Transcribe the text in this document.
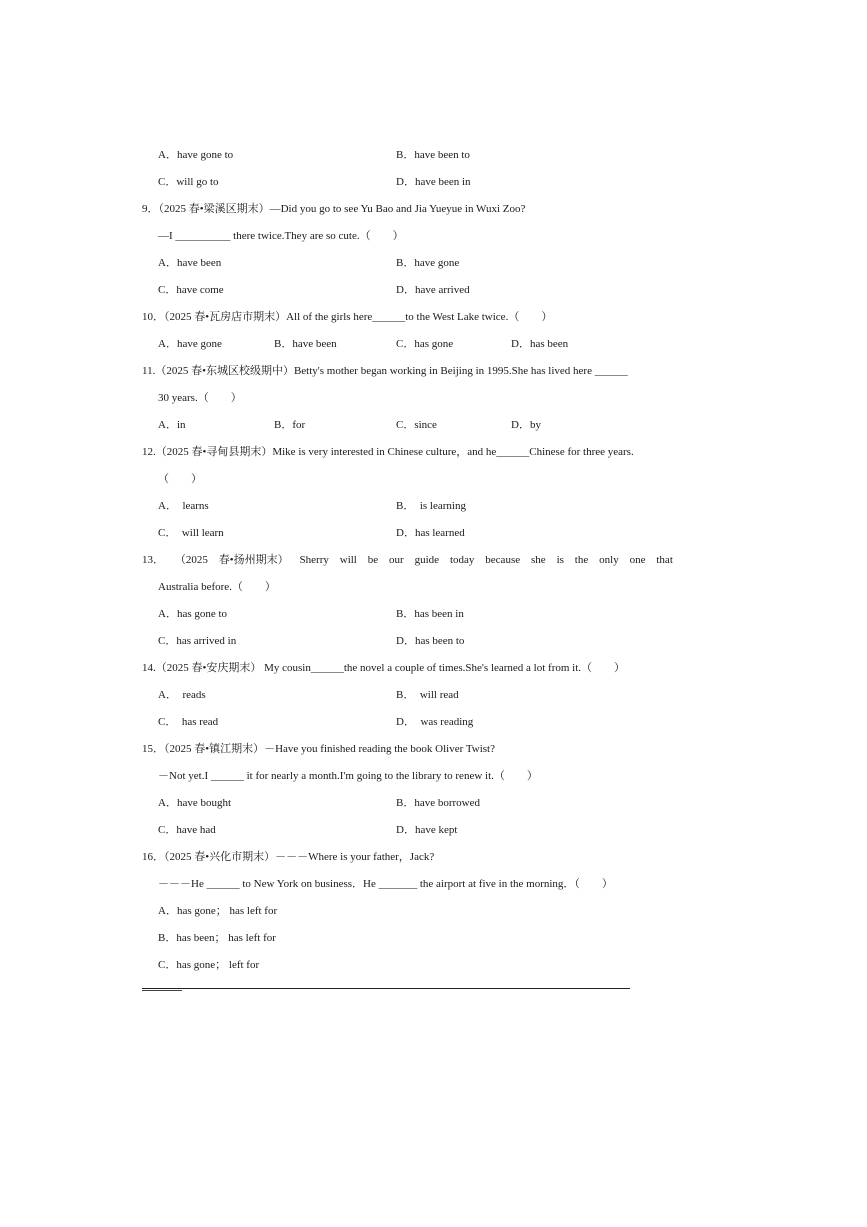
A．have gone to	B．have been to
C．will go to	D．have been in
9．（2025 春•梁溪区期末）—Did you go to see Yu Bao and Jia Yueyue in Wuxi Zoo?
—I __________ there twice.They are so cute.（　　）
A．have been	B．have gone
C．have come	D．have arrived
10．（2025 春•瓦房店市期末）All of the girls here______to the West Lake twice.（　　）
A．have gone	B．have been	C．has gone	D．has been
11.（2025 春•东城区校级期中）Betty's mother began working in Beijing in 1995.She has lived here ______
30 years.（　　）
A．in	B．for	C．since	D．by
12.（2025 春•寻甸县期末）Mike is very interested in Chinese culture，and he______Chinese for three years.
（　　）
A．　learns	B．　is learning
C．　will learn	D．has learned
13． （2025 春•扬州期末） Sherry will be our guide today because she is the only one that
Australia before.（　　）
A．has gone to	B．has been in
C．has arrived in	D．has been to
14.（2025 春•安庆期末） My cousin______the novel a couple of times.She's learned a lot from it.（　　）
A．　reads	B．　will read
C．　has read	D．　was reading
15．（2025 春•镇江期末）－Have you finished reading the book Oliver Twist?
－Not yet.I ______ it for nearly a month.I'm going to the library to renew it.（　　）
A．have bought	B．have borrowed
C．have had	D．have kept
16．（2025 春•兴化市期末）－－－Where is your father，Jack?
－－－He ______ to New York on business．He _______ the airport at five in the morning．（　　）
A．has gone； has left for
B．has been； has left for
C．has gone； left for
